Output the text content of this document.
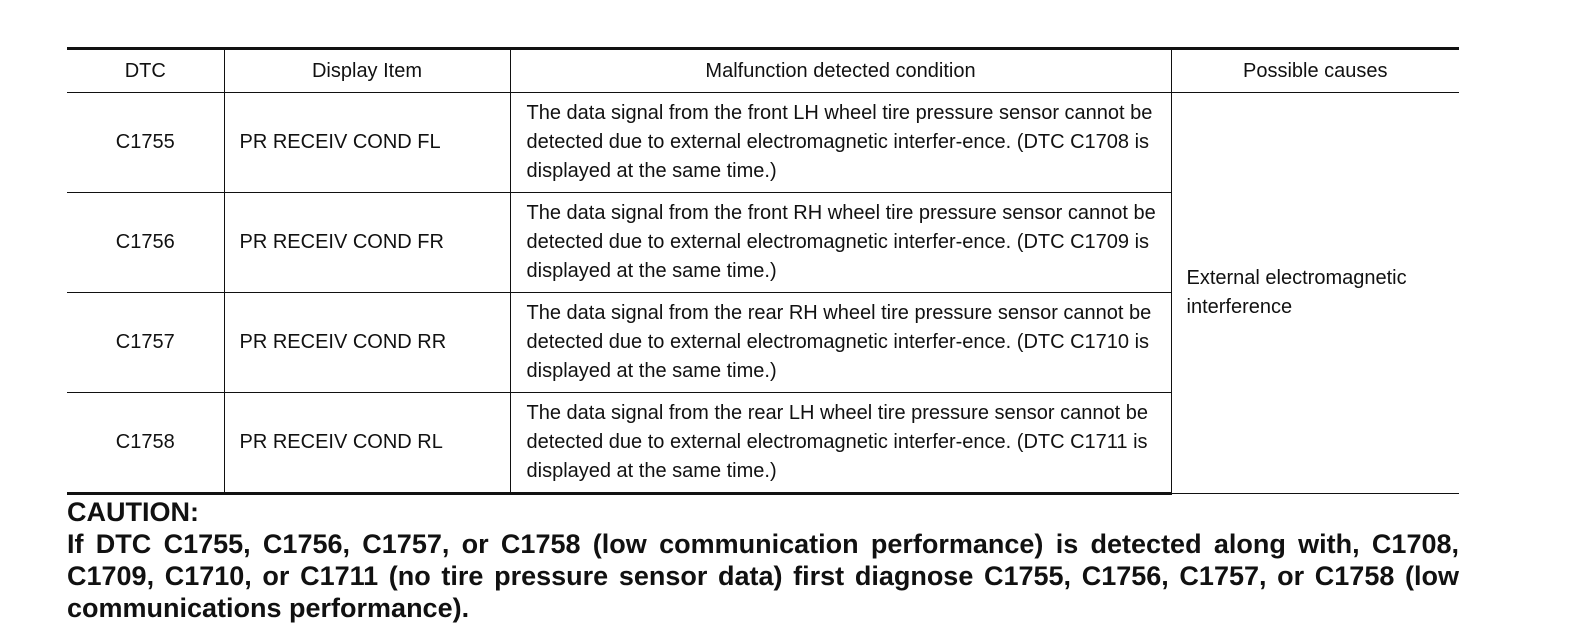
DTC	Display Item	Malfunction detected condition	Possible causes
C1755	PR RECEIV COND FL	The data signal from the front LH wheel tire pressure sensor cannot be detected due to external electromagnetic interfer-ence. (DTC C1708 is displayed at the same time.)	External electromagnetic interference
C1756	PR RECEIV COND FR	The data signal from the front RH wheel tire pressure sensor cannot be detected due to external electromagnetic interfer-ence. (DTC C1709 is displayed at the same time.)	
C1757	PR RECEIV COND RR	The data signal from the rear RH wheel tire pressure sensor cannot be detected due to external electromagnetic interfer-ence. (DTC C1710 is displayed at the same time.)	
C1758	PR RECEIV COND RL	The data signal from the rear LH wheel tire pressure sensor cannot be detected due to external electromagnetic interfer-ence. (DTC C1711 is displayed at the same time.)	

CAUTION:

If DTC C1755, C1756, C1757, or C1758 (low communication performance) is detected along with, C1708, C1709, C1710, or C1711 (no tire pressure sensor data) first diagnose C1755, C1756, C1757, or C1758 (low communications performance).
